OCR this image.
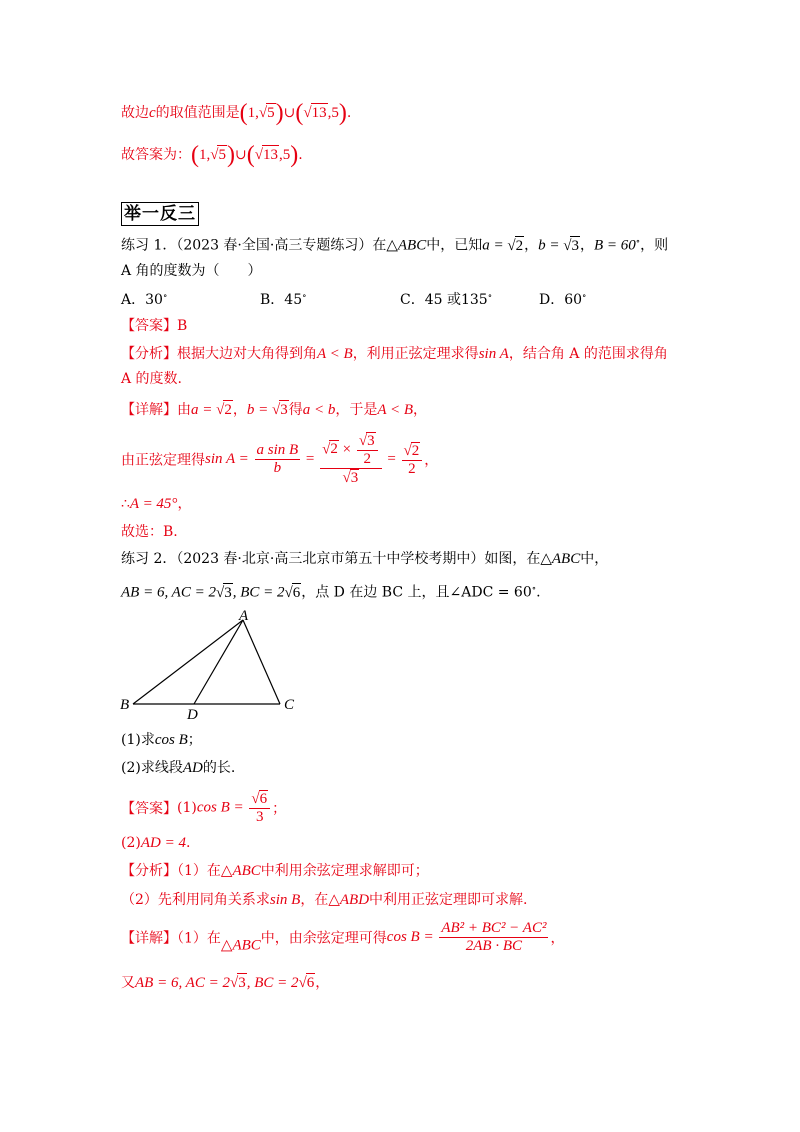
故边c的取值范围是(1,√5)∪(√13,5).
故答案为：(1,√5)∪(√13,5).
举一反三
练习 1．（2023 春·全国·高三专题练习）在△ABC中，已知a = √2，b = √3，B = 60∘，则
A 角的度数为（　　）
A．30∘	B．45∘	C．45 或135∘	D．60∘
【答案】B
【分析】根据大边对大角得到角A < B，利用正弦定理求得sin A，结合角 A 的范围求得角
A 的度数.
【详解】由a = √2，b = √3得a < b，于是A < B，
由正弦定理得$\sin A = \frac{\text{a sin B}}{b} = \frac{√2 \times \frac{√3}{2}}{√3} = \frac{√2}{2}$ ，
∴A = 45°，
故选：B.
练习 2．（2023 春·北京·高三北京市第五十中学校考期中）如图，在△ABC中，
AB = 6, AC = 2√3, BC = 2√6，点 D 在边 BC 上，且∠ADC = 60∘.
A
B	C
D
(1)求cos B；
(2)求线段AD的长.
【答案】(1)cos $B = \frac{√6}{3}$ ；
(2)AD = 4.
【分析】（1）在△ABC中利用余弦定理求解即可；
（2）先利用同角关系求sin B，在△ABD中利用正弦定理即可求解.
【详解】（1）在△ABC中，由余弦定理可得$\cos B = \frac{\text{AB² + BC² − AC²}}{2AB \cdot BC}$ ，
又AB = 6, AC = 2√3, BC = 2√6，
